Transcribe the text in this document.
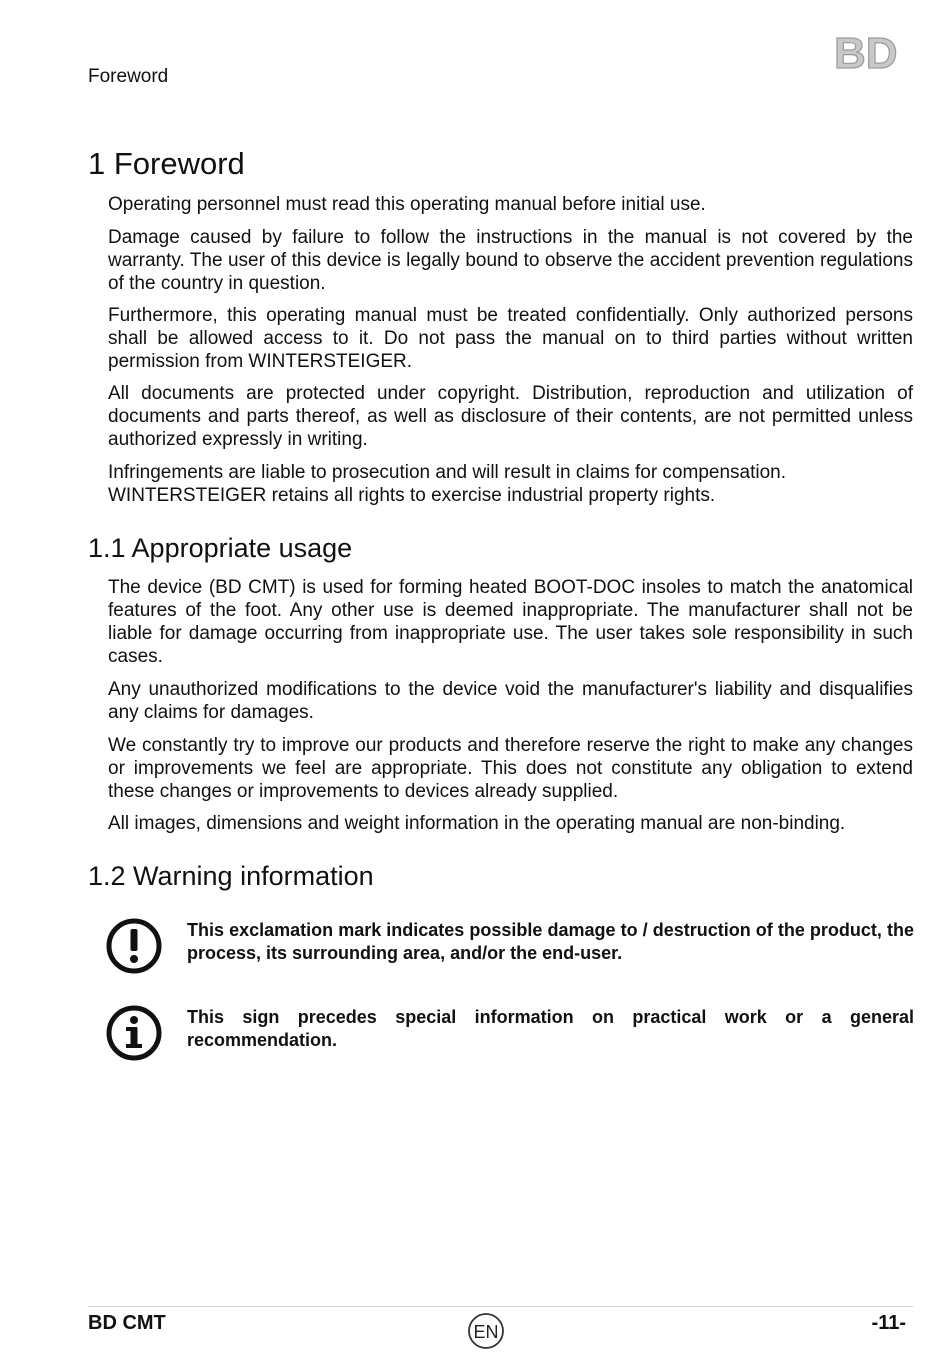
Foreword	BD
1 Foreword

Operating personnel must read this operating manual before initial use.

Damage caused by failure to follow the instructions in the manual is not covered by the warranty. The user of this device is legally bound to observe the accident prevention regulations of the country in question.

Furthermore, this operating manual must be treated confidentially. Only authorized persons shall be allowed access to it. Do not pass the manual on to third parties without written permission from WINTERSTEIGER.

All documents are protected under copyright. Distribution, reproduction and utilization of documents and parts thereof, as well as disclosure of their contents, are not permitted unless authorized expressly in writing.

Infringements are liable to prosecution and will result in claims for compensation.

WINTERSTEIGER retains all rights to exercise industrial property rights.

1.1 Appropriate usage

The device (BD CMT) is used for forming heated BOOT-DOC insoles to match the anatomical features of the foot. Any other use is deemed inappropriate. The manufacturer shall not be liable for damage occurring from inappropriate use. The user takes sole responsibility in such cases.

Any unauthorized modifications to the device void the manufacturer's liability and disqualifies any claims for damages.

We constantly try to improve our products and therefore reserve the right to make any changes or improvements we feel are appropriate. This does not constitute any obligation to extend these changes or improvements to devices already supplied.

All images, dimensions and weight information in the operating manual are non-binding.

1.2 Warning information

This exclamation mark indicates possible damage to / destruction of the product, the process, its surrounding area, and/or the end-user.

This sign precedes special information on practical work or a general recommendation.

BD CMT	EN	-11-
